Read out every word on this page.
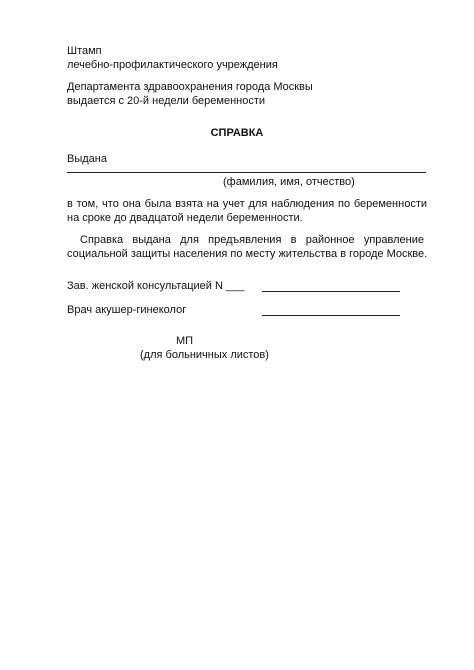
Штамп
лечебно-профилактического учреждения
Департамента здравоохранения города Москвы
выдается с 20-й недели беременности
СПРАВКА
Выдана
(фамилия, имя, отчество)
в том, что она была взята на учет для наблюдения по беременности
на сроке до двадцатой недели беременности.
Справка выдана для предъявления в районное управление
социальной защиты населения по месту жительства в городе Москве.
Зав. женской консультацией N ___
Врач акушер-гинеколог
МП
(для больничных листов)
